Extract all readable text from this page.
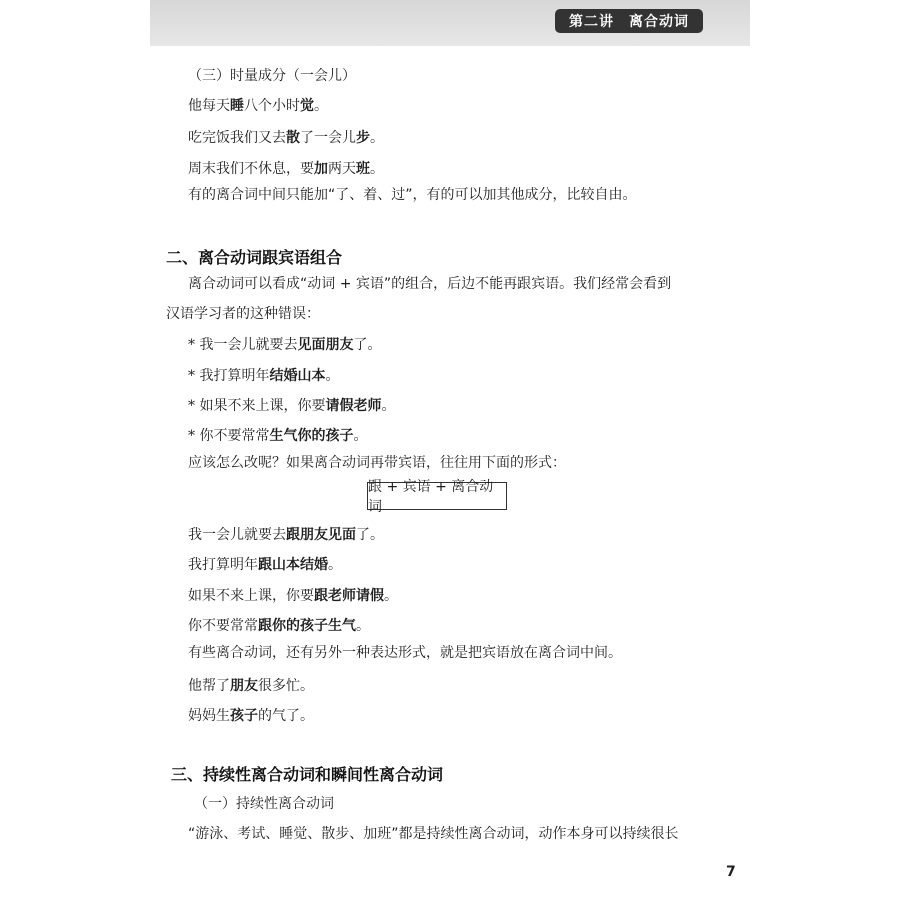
第二讲　离合动词
（三）时量成分（一会儿）
他每天睡八个小时觉。
吃完饭我们又去散了一会儿步。
周末我们不休息，要加两天班。
有的离合词中间只能加“了、着、过”，有的可以加其他成分，比较自由。
二、离合动词跟宾语组合
离合动词可以看成“动词 + 宾语”的组合，后边不能再跟宾语。我们经常会看到
汉语学习者的这种错误：
* 我一会儿就要去见面朋友了。
* 我打算明年结婚山本。
* 如果不来上课，你要请假老师。
* 你不要常常生气你的孩子。
应该怎么改呢？如果离合动词再带宾语，往往用下面的形式：
跟 + 宾语 + 离合动词
我一会儿就要去跟朋友见面了。
我打算明年跟山本结婚。
如果不来上课，你要跟老师请假。
你不要常常跟你的孩子生气。
有些离合动词，还有另外一种表达形式，就是把宾语放在离合词中间。
他帮了朋友很多忙。
妈妈生孩子的气了。
三、持续性离合动词和瞬间性离合动词
（一）持续性离合动词
“游泳、考试、睡觉、散步、加班”都是持续性离合动词，动作本身可以持续很长
7
